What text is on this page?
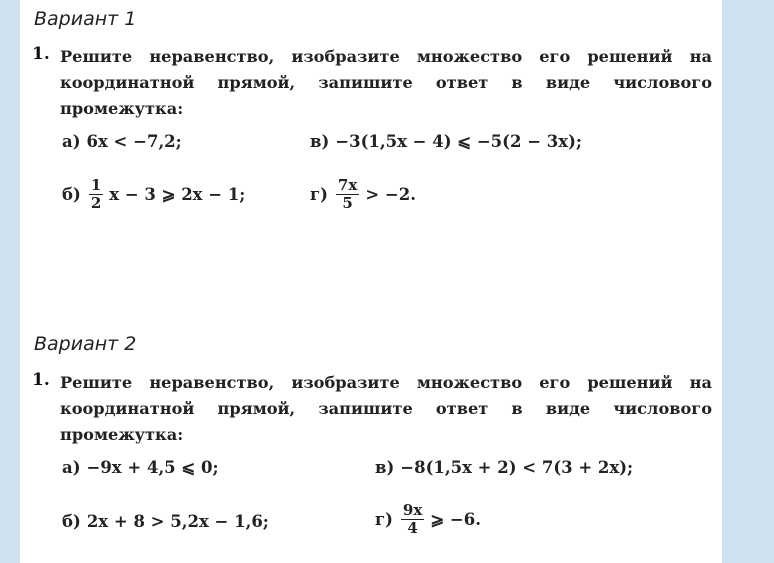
Вариант 1
1. Решите неравенство, изобразите множество его решений на координатной прямой, запишите ответ в виде числового промежутка:
а) 6x < −7,2;	в) −3(1,5x − 4) ⩽ −5(2 − 3x);
$б) \frac{1}{2}$ x − 3 ⩾ 2x − 1;	$г) \frac{7x}{5} > -2$.
Вариант 2
1. Решите неравенство, изобразите множество его решений на координатной прямой, запишите ответ в виде числового промежутка:
а) −9x + 4,5 ⩽ 0;	в) −8(1,5x + 2) < 7(3 + 2x);
б) 2x + 8 > 5,2x − 1,6;	$г) \frac{9x}{4}$ ⩾ −6.
